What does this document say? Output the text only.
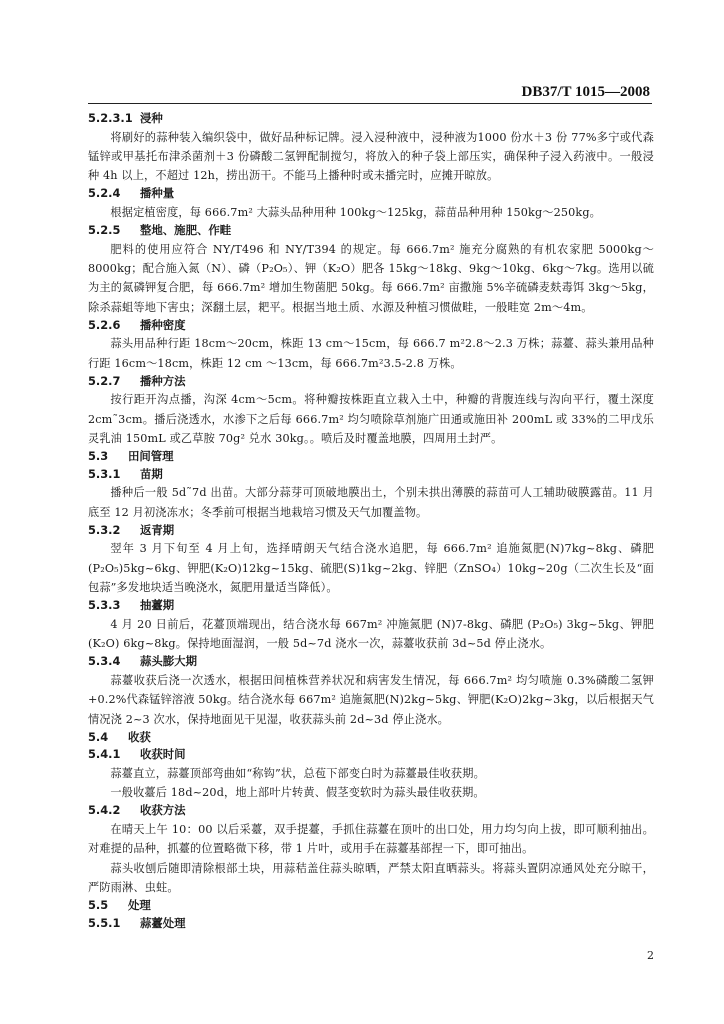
DB37/T 1015—2008
5.2.3.1 浸种
将刷好的蒜种装入编织袋中，做好品种标记牌。浸入浸种液中，浸种液为1000 份水＋3 份 77%多宁或代森锰锌或甲基托布津杀菌剂＋3 份磷酸二氢钾配制搅匀，将放入的种子袋上部压实，确保种子浸入药液中。一般浸种 4h 以上，不超过 12h，捞出沥干。不能马上播种时或未播完时，应摊开晾放。
5.2.4 播种量
根据定植密度，每 666.7m² 大蒜头品种用种 100kg～125kg，蒜苗品种用种 150kg～250kg。
5.2.5 整地、施肥、作畦
肥料的使用应符合 NY/T496 和 NY/T394 的规定。每 666.7m² 施充分腐熟的有机农家肥 5000kg～8000kg；配合施入氮（N）、磷（P₂O₅）、钾（K₂O）肥各 15kg～18kg、9kg～10kg、6kg～7kg。选用以硫为主的氮磷钾复合肥，每 666.7m² 增加生物菌肥 50kg。每 666.7m² 亩撒施 5%辛硫磷麦麸毒饵 3kg～5kg，除杀蒜蛆等地下害虫；深翻土层，耙平。根据当地土质、水源及种植习惯做畦，一般畦宽 2m～4m。
5.2.6 播种密度
蒜头用品种行距 18cm～20cm，株距 13 cm～15cm，每 666.7 m²2.8～2.3 万株；蒜薹、蒜头兼用品种行距 16cm～18cm，株距 12 cm ～13cm，每 666.7m²3.5-2.8 万株。
5.2.7 播种方法
按行距开沟点播，沟深 4cm～5cm。将种瓣按株距直立栽入土中，种瓣的背腹连线与沟向平行，覆土深度 2cm˜3cm。播后浇透水，水渗下之后每 666.7m² 均匀喷除草剂施广田通或施田补 200mL 或 33%的二甲戊乐灵乳油 150mL 或乙草胺 70g² 兑水 30kg。。喷后及时覆盖地膜，四周用土封严。
5.3 田间管理
5.3.1 苗期
播种后一般 5d˜7d 出苗。大部分蒜芽可顶破地膜出土，个别未拱出薄膜的蒜苗可人工辅助破膜露苗。11 月底至 12 月初浇冻水；冬季前可根据当地栽培习惯及天气加覆盖物。
5.3.2 返青期
翌年 3 月下旬至 4 月上旬，选择晴朗天气结合浇水追肥，每 666.7m² 追施氮肥(N)7kg~8kg、磷肥(P₂O₅)5kg~6kg、钾肥(K₂O)12kg~15kg、硫肥(S)1kg~2kg、锌肥（ZnSO₄）10kg~20g（二次生长及“面包蒜”多发地块适当晚浇水，氮肥用量适当降低）。
5.3.3 抽薹期
4 月 20 日前后，花薹顶端现出，结合浇水每 667m² 冲施氮肥 (N)7-8kg、磷肥 (P₂O₅) 3kg~5kg、钾肥 (K₂O) 6kg~8kg。保持地面湿润，一般 5d~7d 浇水一次，蒜薹收获前 3d~5d 停止浇水。
5.3.4 蒜头膨大期
蒜薹收获后浇一次透水，根据田间植株营养状况和病害发生情况，每 666.7m² 均匀喷施 0.3%磷酸二氢钾+0.2%代森锰锌溶液 50kg。结合浇水每 667m² 追施氮肥(N)2kg~5kg、钾肥(K₂O)2kg~3kg，以后根据天气情况浇 2~3 次水，保持地面见干见湿，收获蒜头前 2d~3d 停止浇水。
5.4 收获
5.4.1 收获时间
蒜薹直立，蒜薹顶部弯曲如“称钩”状，总苞下部变白时为蒜薹最佳收获期。
一般收薹后 18d~20d，地上部叶片转黄、假茎变软时为蒜头最佳收获期。
5.4.2 收获方法
在晴天上午 10：00 以后采薹，双手提薹，手抓住蒜薹在顶叶的出口处，用力均匀向上拔，即可顺利抽出。对难提的品种，抓薹的位置略微下移，带 1 片叶，或用手在蒜薹基部捏一下，即可抽出。
蒜头收刨后随即清除根部土块，用蒜秸盖住蒜头晾晒，严禁太阳直晒蒜头。将蒜头置阴凉通风处充分晾干，严防雨淋、虫蛀。
5.5 处理
5.5.1 蒜薹处理
2
